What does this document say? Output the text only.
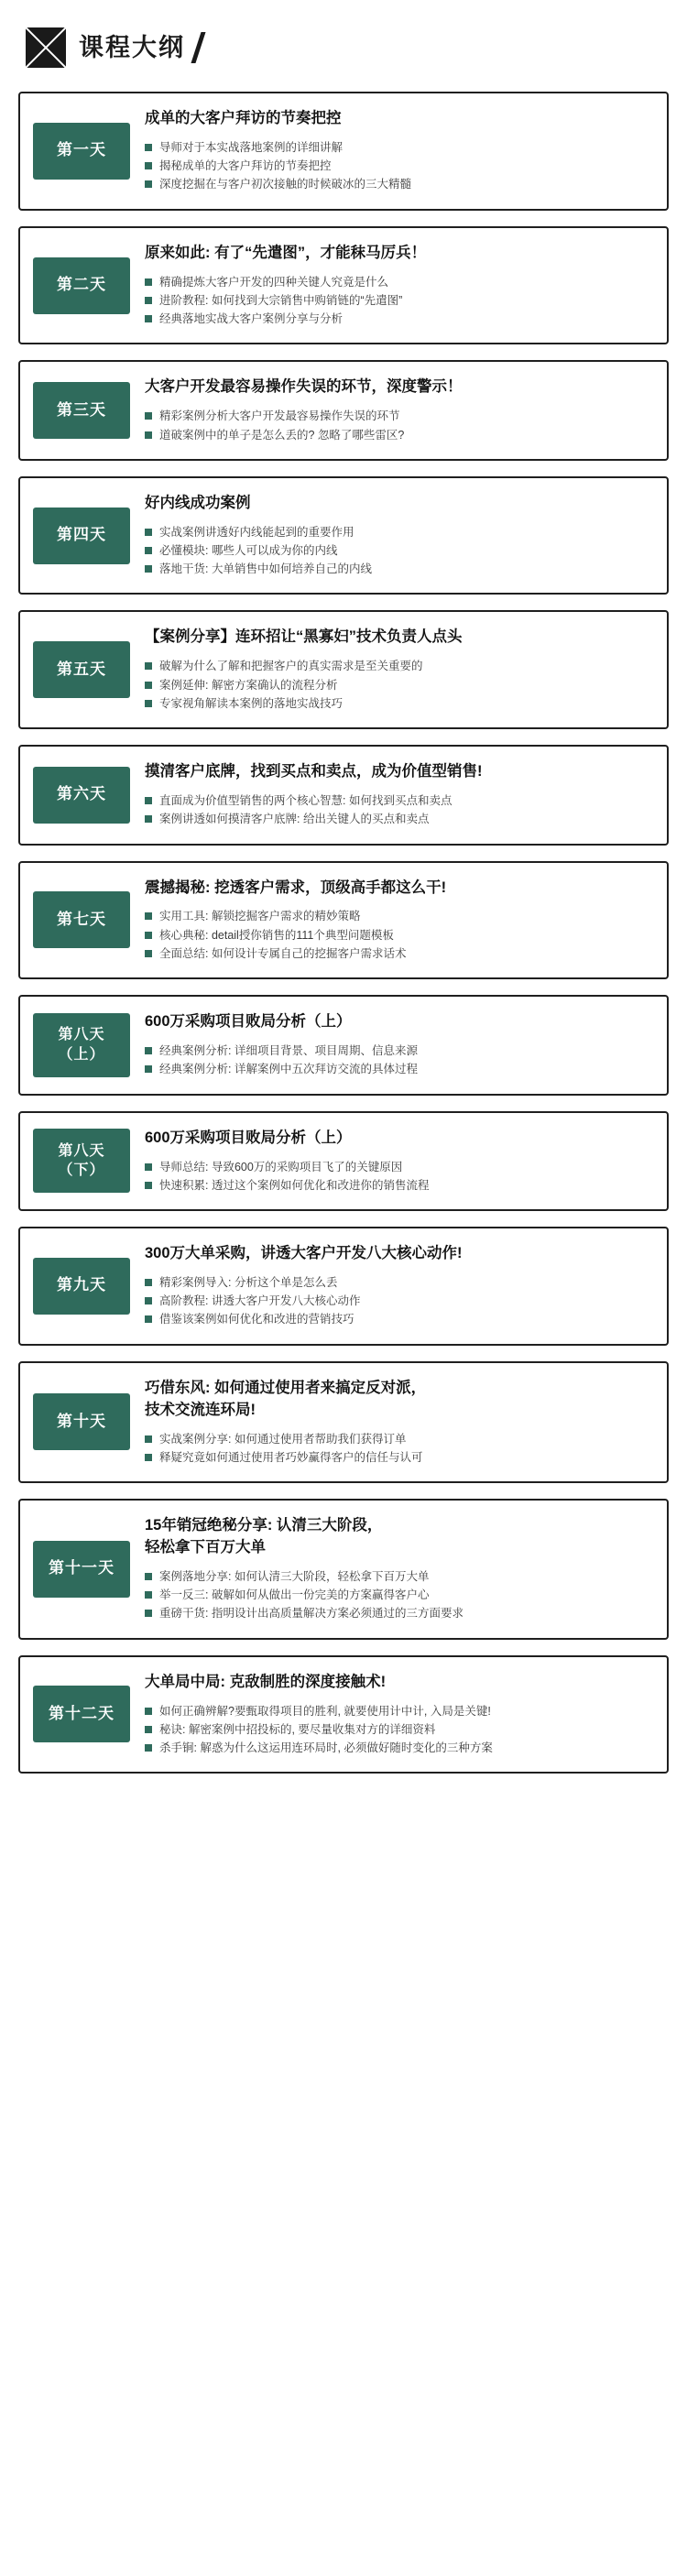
课程大纲
第一天
成单的大客户拜访的节奏把控
导师对于本实战落地案例的详细讲解
揭秘成单的大客户拜访的节奏把控
深度挖掘在与客户初次接触的时候破冰的三大精髓
第二天
原来如此: 有了“先遣图”，才能秣马厉兵！
精确提炼大客户开发的四种关键人究竟是什么
进阶教程: 如何找到大宗销售中购销链的“先遣图”
经典落地实战大客户案例分享与分析
第三天
大客户开发最容易操作失误的环节，深度警示！
精彩案例分析大客户开发最容易操作失误的环节
道破案例中的单子是怎么丢的? 忽略了哪些雷区?
第四天
好内线成功案例
实战案例讲透好内线能起到的重要作用
必懂模块: 哪些人可以成为你的内线
落地干货: 大单销售中如何培养自己的内线
第五天
【案例分享】连环招让“黑寡妇”技术负责人点头
破解为什么了解和把握客户的真实需求是至关重要的
案例延伸: 解密方案确认的流程分析
专家视角解读本案例的落地实战技巧
第六天
摸清客户底牌，找到买点和卖点，成为价值型销售!
直面成为价值型销售的两个核心智慧: 如何找到买点和卖点
案例讲透如何摸清客户底牌: 给出关键人的买点和卖点
第七天
震撼揭秘: 挖透客户需求，顶级高手都这么干!
实用工具: 解锁挖掘客户需求的精妙策略
核心典秘: detail授你销售的111个典型问题模板
全面总结: 如何设计专属自己的挖掘客户需求话术
第八天
（上）
600万采购项目败局分析（上）
经典案例分析: 详细项目背景、项目周期、信息来源
经典案例分析: 详解案例中五次拜访交流的具体过程
第八天
（下）
600万采购项目败局分析（上）
导师总结: 导致600万的采购项目飞了的关键原因
快速积累: 透过这个案例如何优化和改进你的销售流程
第九天
300万大单采购，讲透大客户开发八大核心动作!
精彩案例导入: 分析这个单是怎么丢
高阶教程: 讲透大客户开发八大核心动作
借鉴该案例如何优化和改进的营销技巧
第十天
巧借东风: 如何通过使用者来搞定反对派，
技术交流连环局!
实战案例分享: 如何通过使用者帮助我们获得订单
释疑究竟如何通过使用者巧妙赢得客户的信任与认可
第十一天
15年销冠绝秘分享: 认清三大阶段，
轻松拿下百万大单
案例落地分享: 如何认清三大阶段，轻松拿下百万大单
举一反三: 破解如何从做出一份完美的方案赢得客户心
重磅干货: 指明设计出高质量解决方案必须通过的三方面要求
第十二天
大单局中局: 克敌制胜的深度接触术!
如何正确辨解?要甄取得项目的胜利, 就要使用计中计, 入局是关键!
秘诀: 解密案例中招投标的, 要尽量收集对方的详细资料
杀手锏: 解惑为什么这运用连环局时, 必须做好随时变化的三种方案
